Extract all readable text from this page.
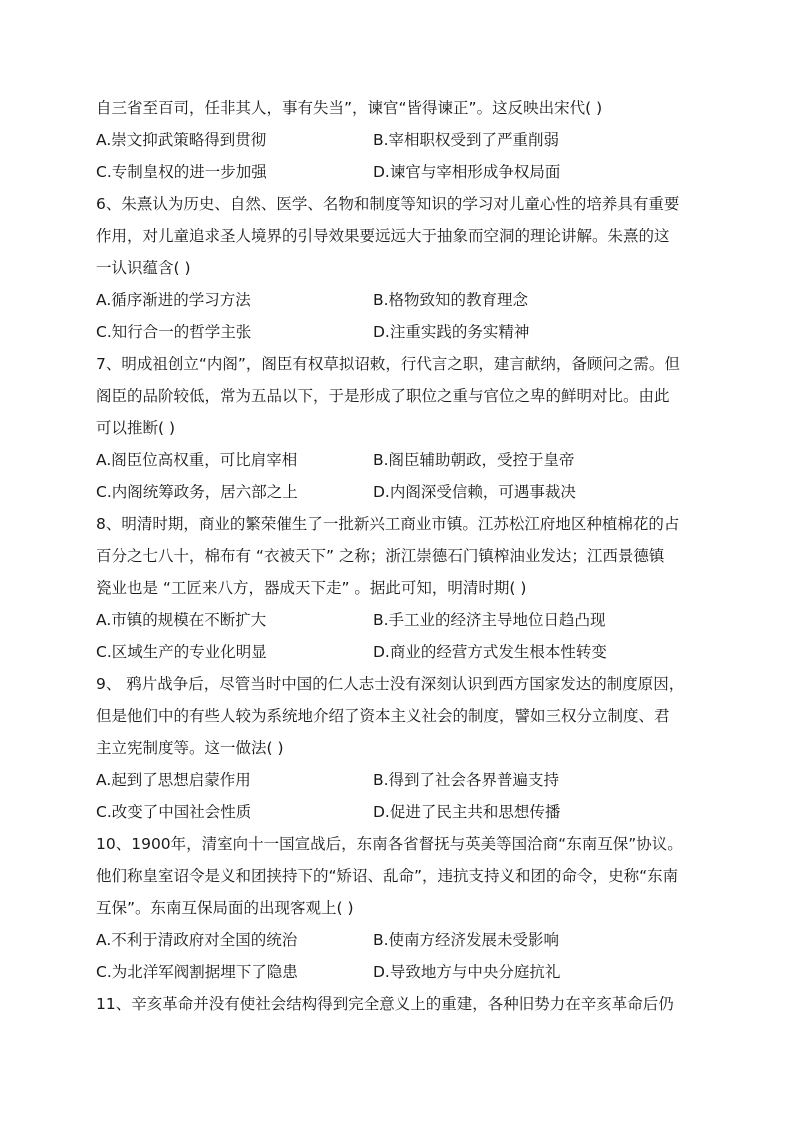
自三省至百司，任非其人，事有失当”，谏官“皆得谏正”。这反映出宋代( )
A.崇文抑武策略得到贯彻	B.宰相职权受到了严重削弱
C.专制皇权的进一步加强	D.谏官与宰相形成争权局面
6、朱熹认为历史、自然、医学、名物和制度等知识的学习对儿童心性的培养具有重要
作用，对儿童追求圣人境界的引导效果要远远大于抽象而空洞的理论讲解。朱熹的这
一认识蕴含( )
A.循序渐进的学习方法	B.格物致知的教育理念
C.知行合一的哲学主张	D.注重实践的务实精神
7、明成祖创立“内阁”，阁臣有权草拟诏敕，行代言之职，建言献纳，备顾问之需。但
阁臣的品阶较低，常为五品以下，于是形成了职位之重与官位之卑的鲜明对比。由此
可以推断( )
A.阁臣位高权重，可比肩宰相	B.阁臣辅助朝政，受控于皇帝
C.内阁统筹政务，居六部之上	D.内阁深受信赖，可遇事裁决
8、明清时期，商业的繁荣催生了一批新兴工商业市镇。江苏松江府地区种植棉花的占
百分之七八十，棉布有 “衣被天下” 之称；浙江崇德石门镇榨油业发达；江西景德镇
瓷业也是 “工匠来八方，器成天下走” 。据此可知，明清时期( )
A.市镇的规模在不断扩大	B.手工业的经济主导地位日趋凸现
C.区域生产的专业化明显	D.商业的经营方式发生根本性转变
9、 鸦片战争后，尽管当时中国的仁人志士没有深刻认识到西方国家发达的制度原因，
但是他们中的有些人较为系统地介绍了资本主义社会的制度，譬如三权分立制度、君
主立宪制度等。这一做法( )
A.起到了思想启蒙作用	B.得到了社会各界普遍支持
C.改变了中国社会性质	D.促进了民主共和思想传播
10、1900年，清室向十一国宣战后，东南各省督抚与英美等国洽商“东南互保”协议。
他们称皇室诏令是义和团挟持下的“矫诏、乱命”，违抗支持义和团的命令，史称“东南
互保”。东南互保局面的出现客观上( )
A.不利于清政府对全国的统治	B.使南方经济发展未受影响
C.为北洋军阀割据埋下了隐患	D.导致地方与中央分庭抗礼
11、辛亥革命并没有使社会结构得到完全意义上的重建，各种旧势力在辛亥革命后仍
